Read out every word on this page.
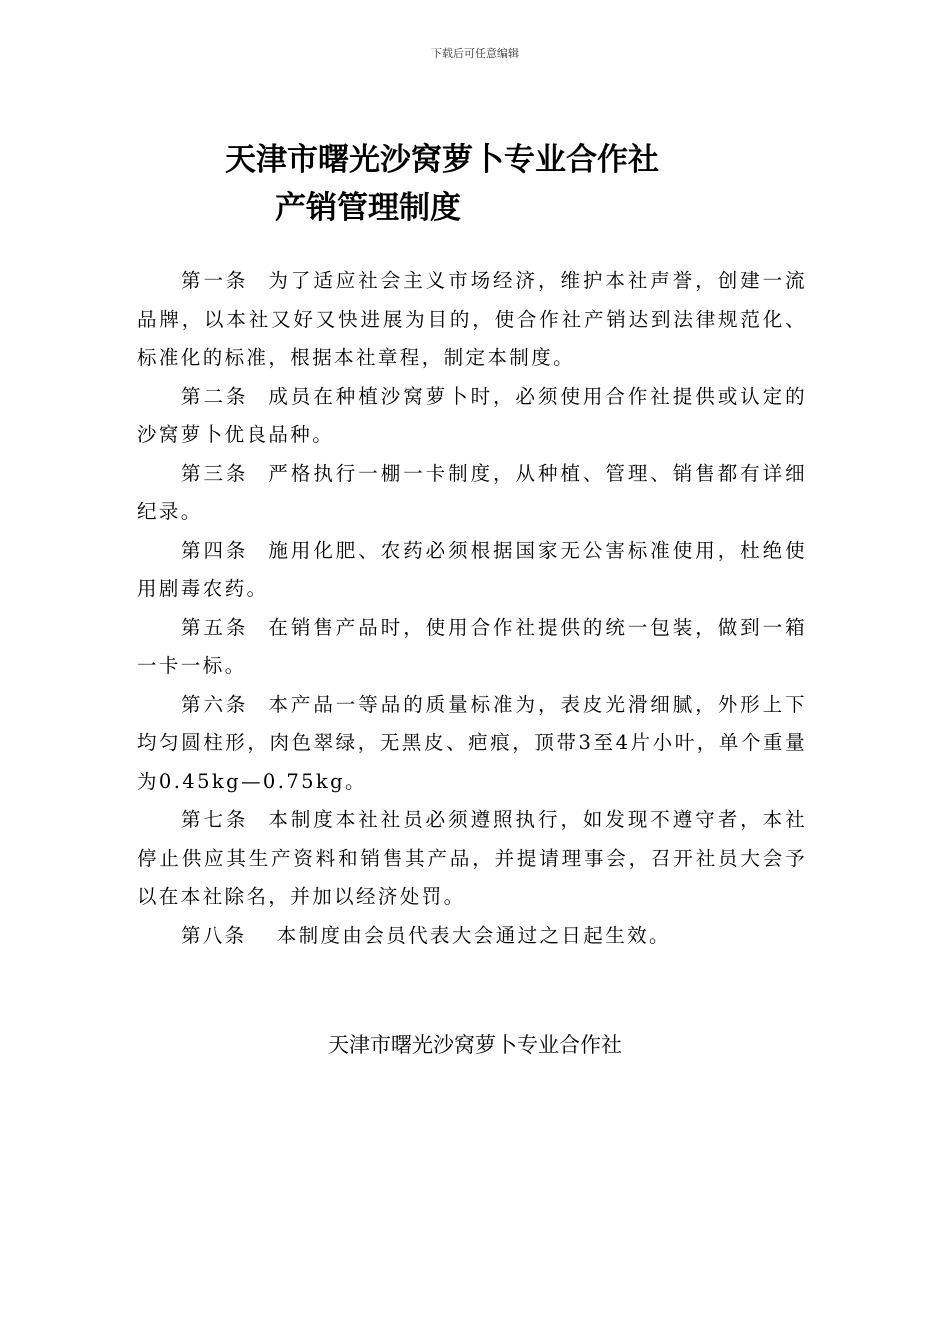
下载后可任意编辑
天津市曙光沙窝萝卜专业合作社
产销管理制度

第一条 为了适应社会主义市场经济，维护本社声誉，创建一流品牌，以本社又好又快进展为目的，使合作社产销达到法律规范化、标准化的标准，根据本社章程，制定本制度。

第二条 成员在种植沙窝萝卜时，必须使用合作社提供或认定的沙窝萝卜优良品种。

第三条 严格执行一棚一卡制度，从种植、管理、销售都有详细纪录。

第四条 施用化肥、农药必须根据国家无公害标准使用，杜绝使用剧毒农药。

第五条 在销售产品时，使用合作社提供的统一包装，做到一箱一卡一标。

第六条 本产品一等品的质量标准为，表皮光滑细腻，外形上下均匀圆柱形，肉色翠绿，无黑皮、疤痕，顶带3至4片小叶，单个重量为0.45kg—0.75kg。

第七条 本制度本社社员必须遵照执行，如发现不遵守者，本社停止供应其生产资料和销售其产品，并提请理事会，召开社员大会予以在本社除名，并加以经济处罚。

第八条 本制度由会员代表大会通过之日起生效。

天津市曙光沙窝萝卜专业合作社
